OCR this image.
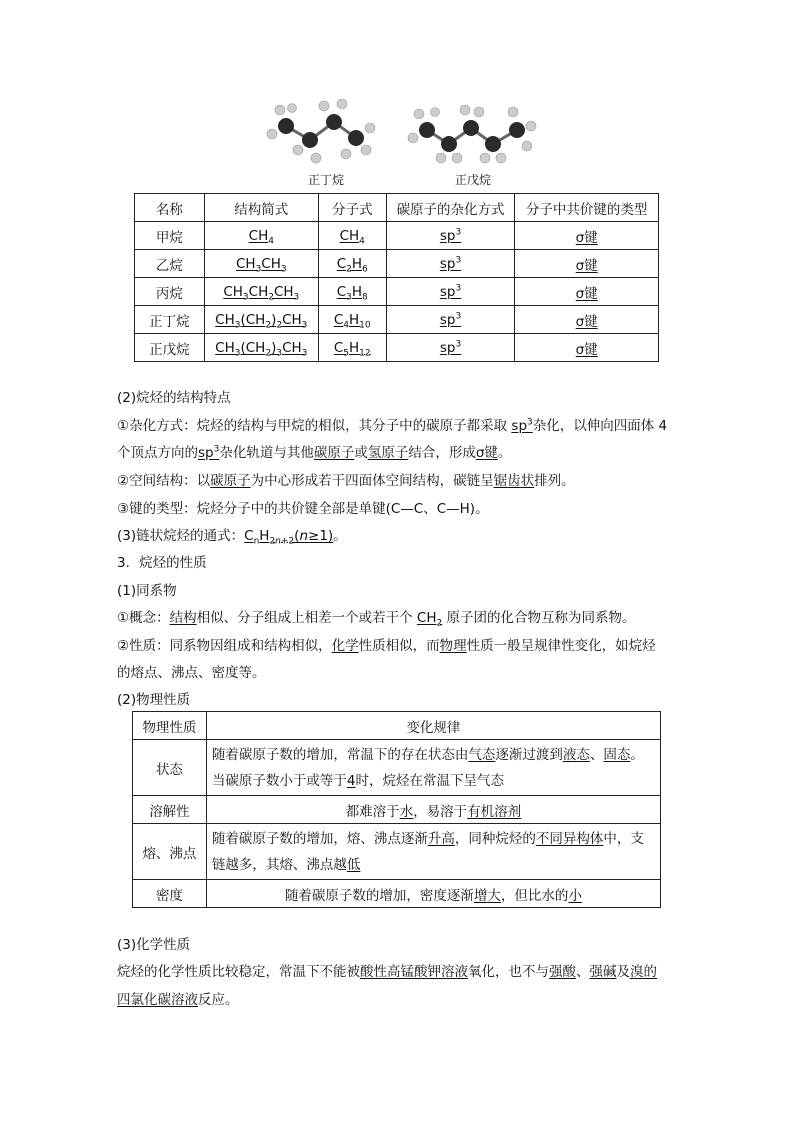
正丁烷	正戊烷
名称	结构简式	分子式	碳原子的杂化方式	分子中共价键的类型
甲烷	$CH_4$	$CH_4$	$sp^3$	σ键
乙烷	$CH_3CH_3$	$C_2H_6$	$sp^3$	σ键
丙烷	$CH_3CH_2CH_3$	$C_3H_8$	$sp^3$	σ键
正丁烷	$CH_3(CH_2)_2CH_3$	$C_4H_{10}$	$sp^3$	σ键
正戊烷	$CH_3(CH_2)_3CH_3$	$C_5H_{12}$	$sp^3$	σ键
(2)烷烃的结构特点
①杂化方式：烷烃的结构与甲烷的相似，其分子中的碳原子都采取 $sp^3$杂化，以伸向四面体 4
个顶点方向的$sp^3$杂化轨道与其他碳原子或氢原子结合，形成σ键。
②空间结构：以碳原子为中心形成若干四面体空间结构，碳链呈锯齿状排列。
③键的类型：烷烃分子中的共价键全部是单键(C—C、C—H)。
(3)链状烷烃的通式：$C_nH_{2n+2}(n\ge 1)$。
3．烷烃的性质
(1)同系物
①概念：结构相似、分子组成上相差一个或若干个 $CH_2$ 原子团的化合物互称为同系物。
②性质：同系物因组成和结构相似，化学性质相似，而物理性质一般呈规律性变化，如烷烃
的熔点、沸点、密度等。
(2)物理性质
物理性质	变化规律
状态	随着碳原子数的增加，常温下的存在状态由气态逐渐过渡到液态、固态。
当碳原子数小于或等于4时，烷烃在常温下呈气态
溶解性	都难溶于水，易溶于有机溶剂
熔、沸点	随着碳原子数的增加，熔、沸点逐渐升高，同种烷烃的不同异构体中，支
链越多，其熔、沸点越低
密度	随着碳原子数的增加，密度逐渐增大，但比水的小
(3)化学性质
烷烃的化学性质比较稳定，常温下不能被酸性高锰酸钾溶液氧化，也不与强酸、强碱及溴的
四氯化碳溶液反应。
